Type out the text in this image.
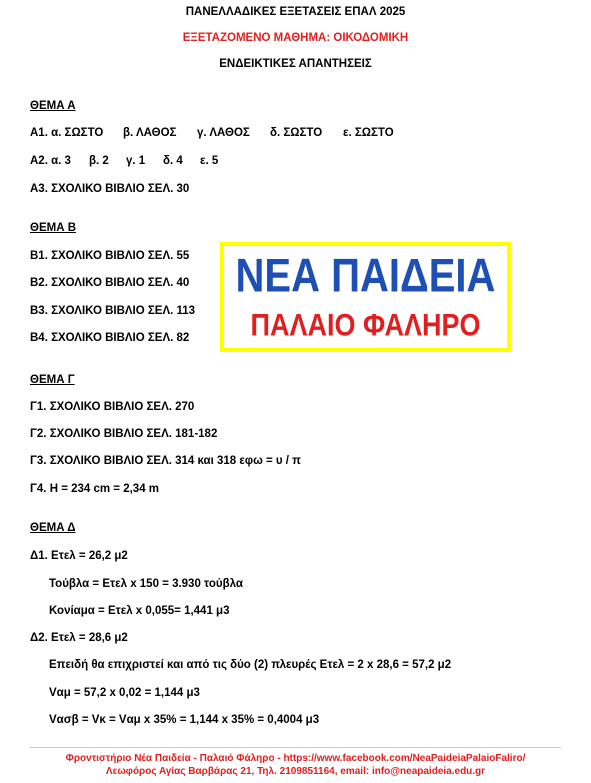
ΠΑΝΕΛΛΑΔΙΚΕΣ ΕΞΕΤΑΣΕΙΣ ΕΠΑΛ 2025
ΕΞΕΤΑΖΟΜΕΝΟ ΜΑΘΗΜΑ: ΟΙΚΟΔΟΜΙΚΗ
ΕΝΔΕΙΚΤΙΚΕΣ ΑΠΑΝΤΗΣΕΙΣ
ΘΕΜΑ Α
Α1. α. ΣΩΣΤΟ β. ΛΑΘΟΣ γ. ΛΑΘΟΣ δ. ΣΩΣΤΟ ε. ΣΩΣΤΟ
Α2. α. 3 β. 2 γ. 1 δ. 4 ε. 5
Α3. ΣΧΟΛΙΚΟ ΒΙΒΛΙΟ ΣΕΛ. 30
ΘΕΜΑ Β
Β1. ΣΧΟΛΙΚΟ ΒΙΒΛΙΟ ΣΕΛ. 55
Β2. ΣΧΟΛΙΚΟ ΒΙΒΛΙΟ ΣΕΛ. 40
Β3. ΣΧΟΛΙΚΟ ΒΙΒΛΙΟ ΣΕΛ. 113
Β4. ΣΧΟΛΙΚΟ ΒΙΒΛΙΟ ΣΕΛ. 82
ΝΕΑ ΠΑΙΔΕΙΑ
ΠΑΛΑΙΟ ΦΑΛΗΡΟ
ΘΕΜΑ Γ
Γ1. ΣΧΟΛΙΚΟ ΒΙΒΛΙΟ ΣΕΛ. 270
Γ2. ΣΧΟΛΙΚΟ ΒΙΒΛΙΟ ΣΕΛ. 181-182
Γ3. ΣΧΟΛΙΚΟ ΒΙΒΛΙΟ ΣΕΛ. 314 και 318 εφω = υ / π
Γ4. Η = 234 cm = 2,34 m
ΘΕΜΑ Δ
Δ1. Ετελ = 26,2 μ2
Τούβλα = Ετελ x 150 = 3.930 τούβλα
Κονίαμα = Ετελ x 0,055= 1,441 μ3
Δ2. Ετελ = 28,6 μ2
Επειδή θα επιχριστεί και από τις δύο (2) πλευρές Ετελ = 2 x 28,6 = 57,2 μ2
Vαμ = 57,2 x 0,02 = 1,144 μ3
Vασβ = Vκ = Vαμ x 35% = 1,144 x 35% = 0,4004 μ3
Φροντιστήριο Νέα Παιδεία - Παλαιό Φάληρο - https://www.facebook.com/NeaPaideiaPalaioFaliro/
Λεωφόρος Αγίας Βαρβάρας 21, Τηλ. 2109851164, email: info@neapaideia.edu.gr
